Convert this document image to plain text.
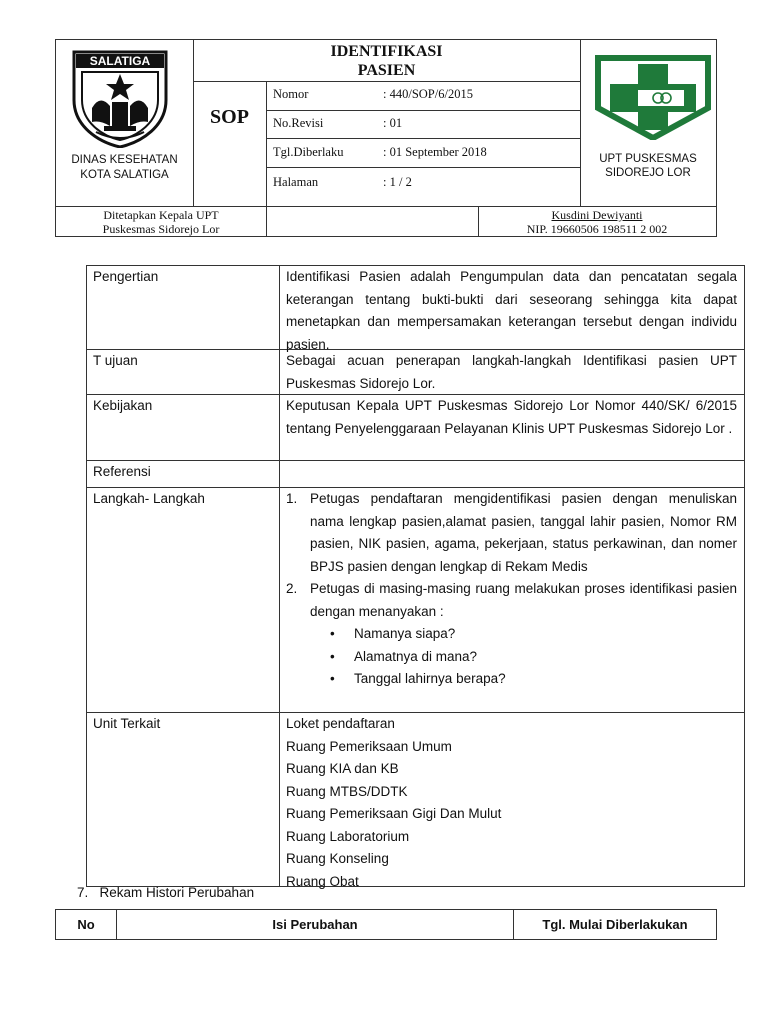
SALATIGA
DINAS KESEHATAN
KOTA SALATIGA
IDENTIFIKASI
PASIEN
SOP
Nomor	: 440/SOP/6/2015
No.Revisi	: 01
Tgl.Diberlaku	: 01 September 2018
Halaman	: 1 / 2
UPT PUSKESMAS
SIDOREJO LOR
Ditetapkan Kepala UPT
Puskesmas Sidorejo Lor
Kusdini Dewiyanti
NIP. 19660506 198511 2 002
Pengertian	Identifikasi Pasien adalah Pengumpulan data dan pencatatan segala keterangan tentang bukti-bukti dari seseorang sehingga kita dapat menetapkan dan mempersamakan keterangan tersebut dengan individu pasien.
T ujuan	Sebagai acuan penerapan langkah-langkah Identifikasi pasien UPT Puskesmas Sidorejo Lor.
Kebijakan	Keputusan Kepala UPT Puskesmas Sidorejo Lor Nomor 440/SK/ 6/2015 tentang Penyelenggaraan Pelayanan Klinis UPT Puskesmas Sidorejo Lor .
Referensi
Langkah- Langkah	1. Petugas pendaftaran mengidentifikasi pasien dengan menuliskan nama lengkap pasien,alamat pasien, tanggal lahir pasien, Nomor RM pasien, NIK pasien, agama, pekerjaan, status perkawinan, dan nomer BPJS pasien dengan lengkap di Rekam Medis
2. Petugas di masing-masing ruang melakukan proses identifikasi pasien dengan menanyakan :
• Namanya siapa?
• Alamatnya di mana?
• Tanggal lahirnya berapa?
Unit Terkait	Loket pendaftaran
Ruang Pemeriksaan Umum
Ruang KIA dan KB
Ruang MTBS/DDTK
Ruang Pemeriksaan Gigi Dan Mulut
Ruang Laboratorium
Ruang Konseling
Ruang Obat
7.   Rekam Histori Perubahan
No	Isi Perubahan	Tgl. Mulai Diberlakukan
